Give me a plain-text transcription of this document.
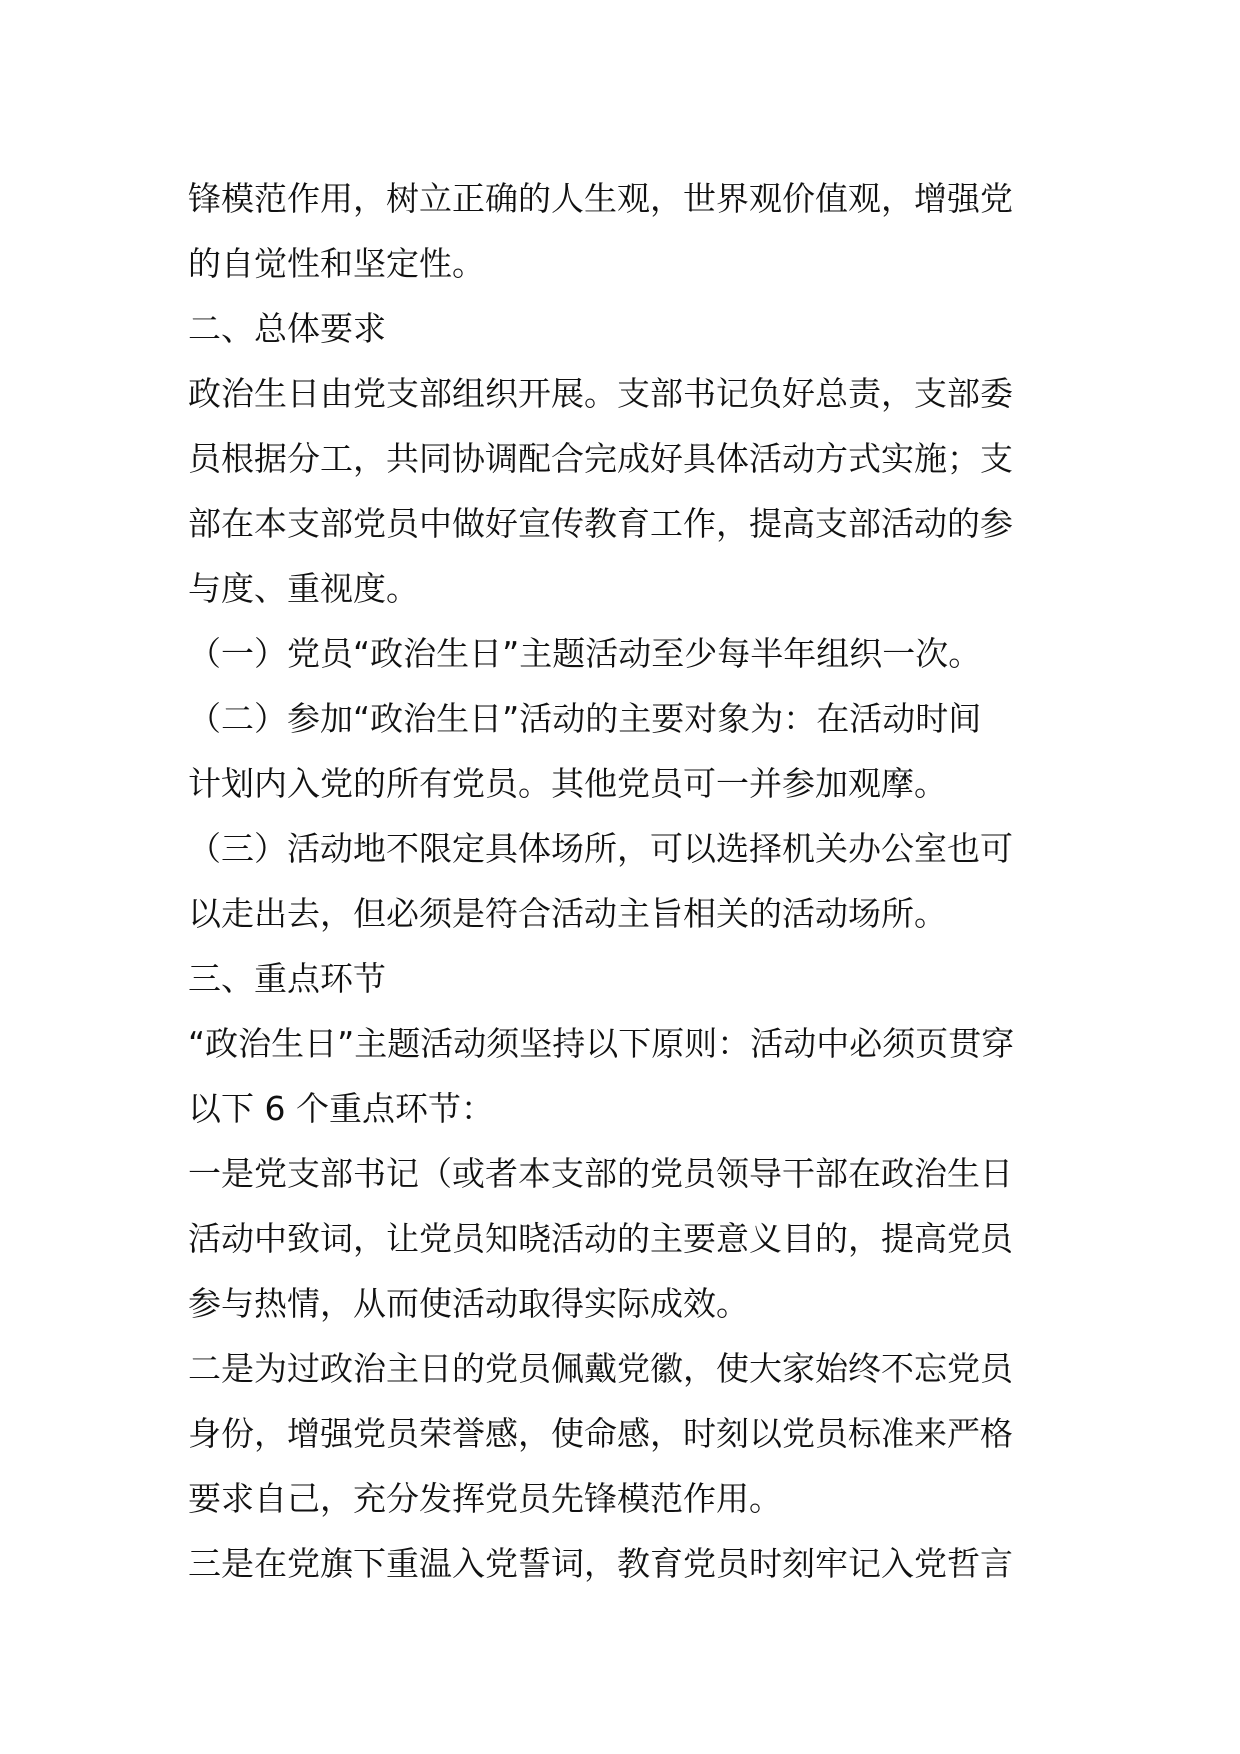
锋模范作用，树立正确的人生观，世界观价值观，增强党
的自觉性和坚定性。
二、总体要求
政治生日由党支部组织开展。支部书记负好总责，支部委
员根据分工，共同协调配合完成好具体活动方式实施；支
部在本支部党员中做好宣传教育工作，提高支部活动的参
与度、重视度。
（一）党员“政治生日”主题活动至少每半年组织一次。
（二）参加“政治生日”活动的主要对象为：在活动时间
计划内入党的所有党员。其他党员可一并参加观摩。
（三）活动地不限定具体场所，可以选择机关办公室也可
以走出去，但必须是符合活动主旨相关的活动场所。
三、重点环节
“政治生日”主题活动须坚持以下原则：活动中必须页贯穿
以下 6 个重点环节：
一是党支部书记（或者本支部的党员领导干部在政治生日
活动中致词，让党员知晓活动的主要意义目的，提高党员
参与热情，从而使活动取得实际成效。
二是为过政治主日的党员佩戴党徽，使大家始终不忘党员
身份，增强党员荣誉感，使命感，时刻以党员标准来严格
要求自己，充分发挥党员先锋模范作用。
三是在党旗下重温入党誓词，教育党员时刻牢记入党哲言
